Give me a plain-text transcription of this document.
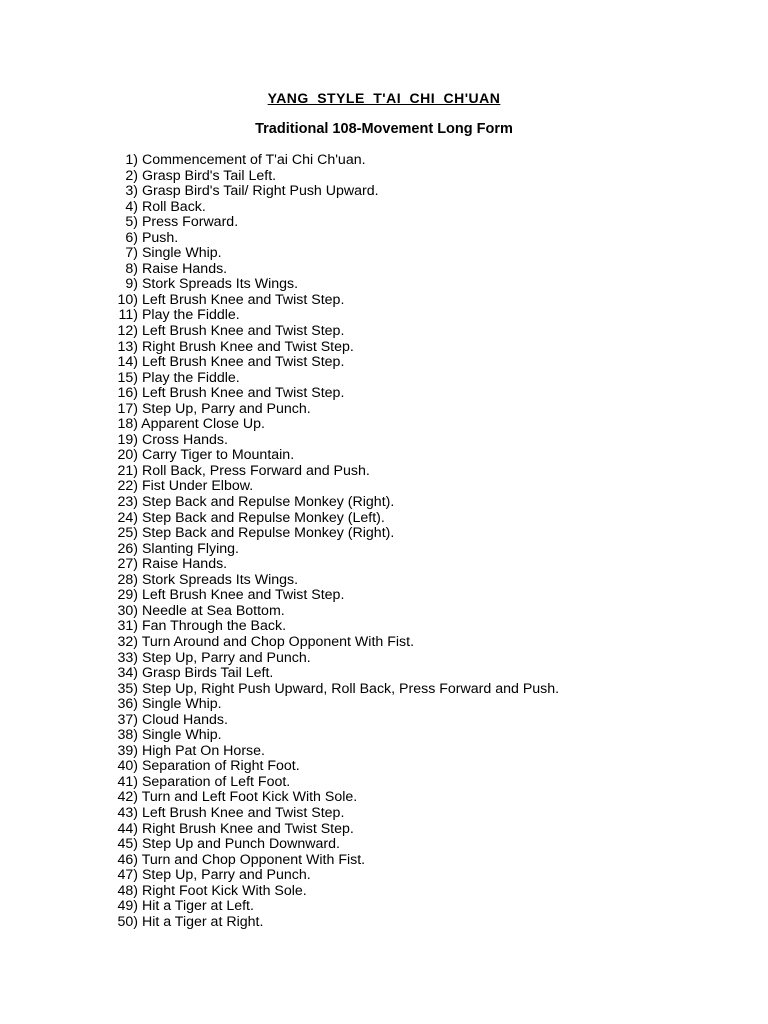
YANG STYLE T'AI CHI CH'UAN
Traditional 108-Movement Long Form
1) Commencement of T'ai Chi Ch'uan.
2) Grasp Bird's Tail Left.
3) Grasp Bird's Tail/ Right Push Upward.
4) Roll Back.
5) Press Forward.
6) Push.
7) Single Whip.
8) Raise Hands.
9) Stork Spreads Its Wings.
10) Left Brush Knee and Twist Step.
11) Play the Fiddle.
12) Left Brush Knee and Twist Step.
13) Right Brush Knee and Twist Step.
14) Left Brush Knee and Twist Step.
15) Play the Fiddle.
16) Left Brush Knee and Twist Step.
17) Step Up, Parry and Punch.
18) Apparent Close Up.
19) Cross Hands.
20) Carry Tiger to Mountain.
21) Roll Back, Press Forward and Push.
22) Fist Under Elbow.
23) Step Back and Repulse Monkey (Right).
24) Step Back and Repulse Monkey (Left).
25) Step Back and Repulse Monkey (Right).
26) Slanting Flying.
27) Raise Hands.
28) Stork Spreads Its Wings.
29) Left Brush Knee and Twist Step.
30) Needle at Sea Bottom.
31) Fan Through the Back.
32) Turn Around and Chop Opponent With Fist.
33) Step Up, Parry and Punch.
34) Grasp Birds Tail Left.
35) Step Up, Right Push Upward, Roll Back, Press Forward and Push.
36) Single Whip.
37) Cloud Hands.
38) Single Whip.
39) High Pat On Horse.
40) Separation of Right Foot.
41) Separation of Left Foot.
42) Turn and Left Foot Kick With Sole.
43) Left Brush Knee and Twist Step.
44) Right Brush Knee and Twist Step.
45) Step Up and Punch Downward.
46) Turn and Chop Opponent With Fist.
47) Step Up, Parry and Punch.
48) Right Foot Kick With Sole.
49) Hit a Tiger at Left.
50) Hit a Tiger at Right.
